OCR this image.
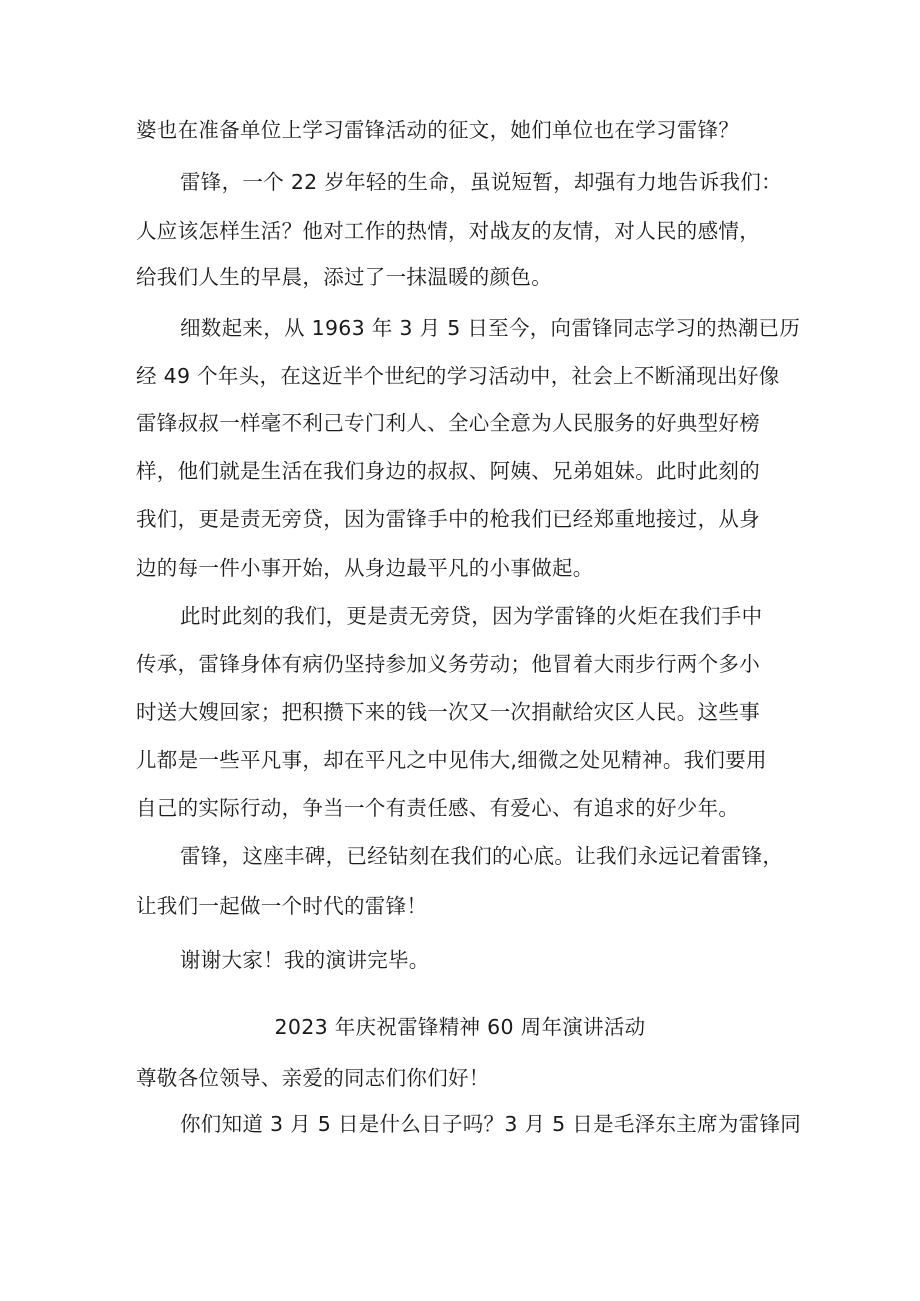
婆也在准备单位上学习雷锋活动的征文，她们单位也在学习雷锋？
雷锋，一个 22 岁年轻的生命，虽说短暂，却强有力地告诉我们：
人应该怎样生活？他对工作的热情，对战友的友情，对人民的感情，
给我们人生的早晨，添过了一抹温暖的颜色。
细数起来，从 1963 年 3 月 5 日至今，向雷锋同志学习的热潮已历
经 49 个年头，在这近半个世纪的学习活动中，社会上不断涌现出好像
雷锋叔叔一样毫不利己专门利人、全心全意为人民服务的好典型好榜
样，他们就是生活在我们身边的叔叔、阿姨、兄弟姐妹。此时此刻的
我们，更是责无旁贷，因为雷锋手中的枪我们已经郑重地接过，从身
边的每一件小事开始，从身边最平凡的小事做起。
此时此刻的我们，更是责无旁贷，因为学雷锋的火炬在我们手中
传承，雷锋身体有病仍坚持参加义务劳动；他冒着大雨步行两个多小
时送大嫂回家；把积攒下来的钱一次又一次捐献给灾区人民。这些事
儿都是一些平凡事，却在平凡之中见伟大,细微之处见精神。我们要用
自己的实际行动，争当一个有责任感、有爱心、有追求的好少年。
雷锋，这座丰碑，已经钻刻在我们的心底。让我们永远记着雷锋，
让我们一起做一个时代的雷锋！
谢谢大家！我的演讲完毕。
2023 年庆祝雷锋精神 60 周年演讲活动
尊敬各位领导、亲爱的同志们你们好！
你们知道 3 月 5 日是什么日子吗？3 月 5 日是毛泽东主席为雷锋同
